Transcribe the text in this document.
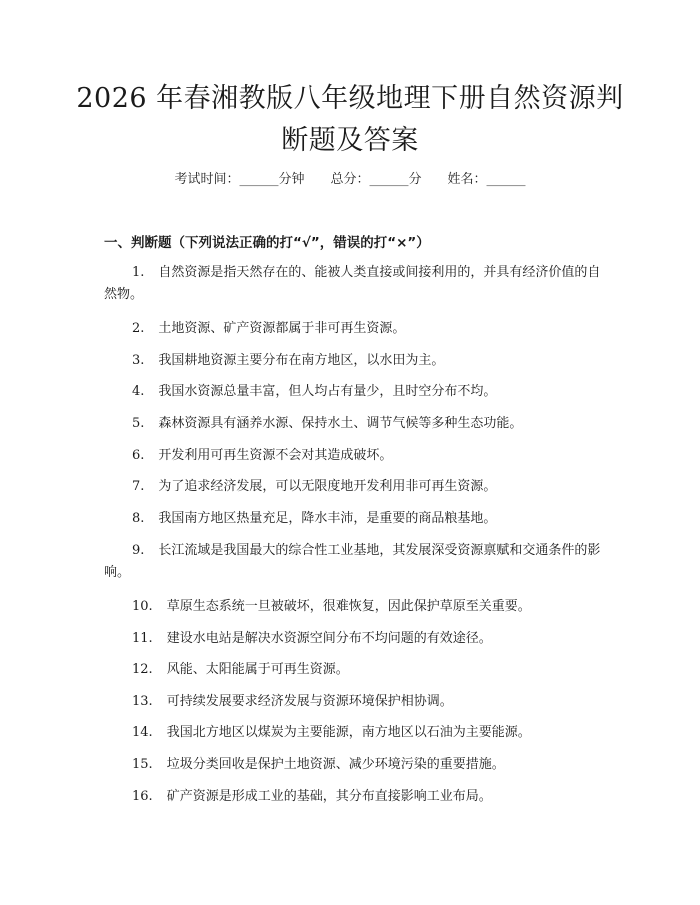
2026 年春湘教版八年级地理下册自然资源判
断题及答案
考试时间：______分钟　　总分：______分　　姓名：______
一、判断题（下列说法正确的打“√”，错误的打“×”）
1. 自然资源是指天然存在的、能被人类直接或间接利用的，并具有经济价值的自然物。
2. 土地资源、矿产资源都属于非可再生资源。
3. 我国耕地资源主要分布在南方地区，以水田为主。
4. 我国水资源总量丰富，但人均占有量少，且时空分布不均。
5. 森林资源具有涵养水源、保持水土、调节气候等多种生态功能。
6. 开发利用可再生资源不会对其造成破坏。
7. 为了追求经济发展，可以无限度地开发利用非可再生资源。
8. 我国南方地区热量充足，降水丰沛，是重要的商品粮基地。
9. 长江流域是我国最大的综合性工业基地，其发展深受资源禀赋和交通条件的影响。
10. 草原生态系统一旦被破坏，很难恢复，因此保护草原至关重要。
11. 建设水电站是解决水资源空间分布不均问题的有效途径。
12. 风能、太阳能属于可再生资源。
13. 可持续发展要求经济发展与资源环境保护相协调。
14. 我国北方地区以煤炭为主要能源，南方地区以石油为主要能源。
15. 垃圾分类回收是保护土地资源、减少环境污染的重要措施。
16. 矿产资源是形成工业的基础，其分布直接影响工业布局。
